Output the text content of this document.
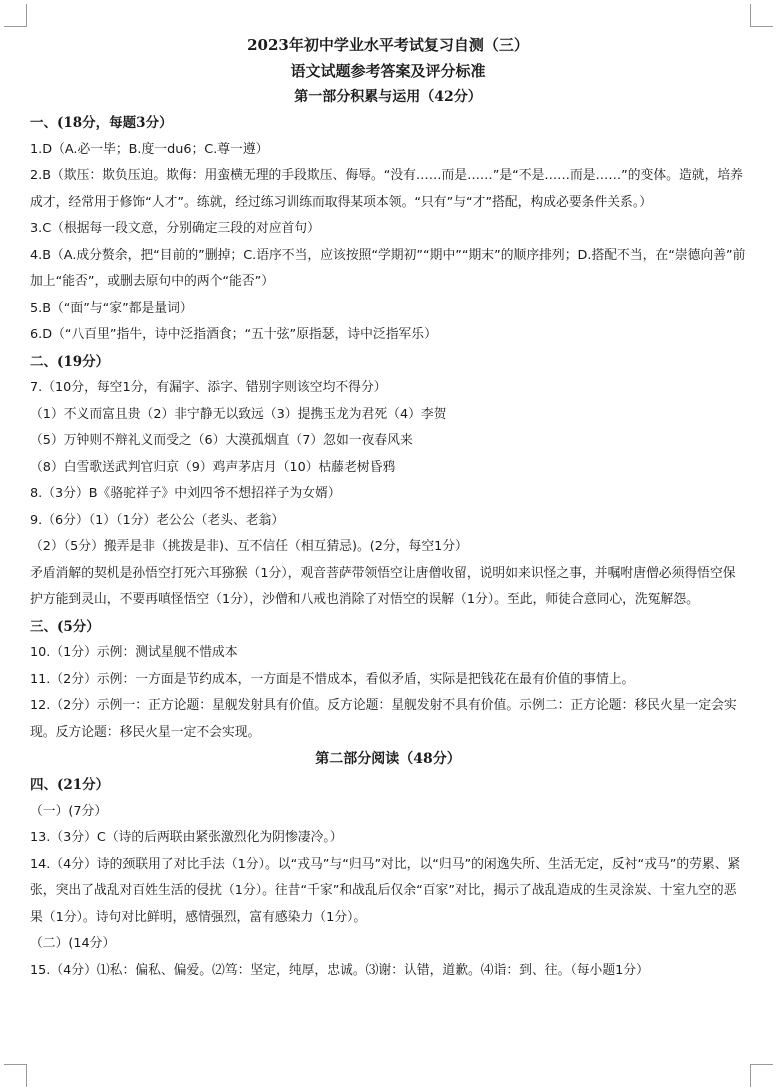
2023年初中学业水平考试复习自测（三）
语文试题参考答案及评分标准
第一部分积累与运用（42分）
一、(18分，每题3分）

1.D（A.必一毕；B.度一du6；C.尊一遵）

2.B（欺压：欺负压迫。欺侮：用蛮横无理的手段欺压、侮辱。“没有……而是……”是“不是……而是……”的变体。造就，培养成才，经常用于修饰“人才”。练就，经过练习训练而取得某项本领。“只有”与“才”搭配，构成必要条件关系。）

3.C（根据每一段文意，分别确定三段的对应首句）

4.B（A.成分赘余，把“目前的”删掉；C.语序不当，应该按照“学期初”“期中”“期末”的顺序排列；D.搭配不当，在“崇德向善”前加上“能否”，或删去原句中的两个“能否”）

5.B（“面”与“家”都是量词）

6.D（“八百里”指牛，诗中泛指酒食；“五十弦”原指瑟，诗中泛指军乐）

二、(19分）

7.（10分，每空1分，有漏字、添字、错别字则该空均不得分）

（1）不义而富且贵（2）非宁静无以致远（3）提携玉龙为君死（4）李贺

（5）万钟则不辩礼义而受之（6）大漠孤烟直（7）忽如一夜春风来

（8）白雪歌送武判官归京（9）鸡声茅店月（10）枯藤老树昏鸦

8.（3分）B《骆驼祥子》中刘四爷不想招祥子为女婿）

9.（6分）（1）（1分）老公公（老头、老翁）

（2）（5分）搬弄是非（挑拨是非)、互不信任（相互猜忌)。(2分，每空1分）

矛盾消解的契机是孙悟空打死六耳猕猴（1分），观音菩萨带领悟空让唐僧收留，说明如来识怪之事，并嘱咐唐僧必须得悟空保护方能到灵山，不要再嗔怪悟空（1分），沙僧和八戒也消除了对悟空的误解（1分）。至此，师徒合意同心，洗冤解怨。

三、(5分）

10.（1分）示例：测试星舰不惜成本

11.（2分）示例：一方面是节约成本，一方面是不惜成本，看似矛盾，实际是把钱花在最有价值的事情上。

12.（2分）示例一：正方论题：星舰发射具有价值。反方论题：星舰发射不具有价值。示例二：正方论题：移民火星一定会实现。反方论题：移民火星一定不会实现。

第二部分阅读（48分）
四、(21分）

（一）(7分）

13.（3分）C（诗的后两联由紧张激烈化为阴惨凄冷。）

14.（4分）诗的颈联用了对比手法（1分）。以“戎马”与“归马”对比，以“归马”的闲逸失所、生活无定，反衬“戎马”的劳累、紧张，突出了战乱对百姓生活的侵扰（1分）。往昔“千家”和战乱后仅余“百家”对比，揭示了战乱造成的生灵涂炭、十室九空的恶果（1分）。诗句对比鲜明，感情强烈，富有感染力（1分）。

（二）(14分）

15.（4分）⑴私：偏私、偏爱。⑵笃：坚定，纯厚，忠诚。⑶谢：认错，道歉。⑷诣：到、往。（每小题1分）
